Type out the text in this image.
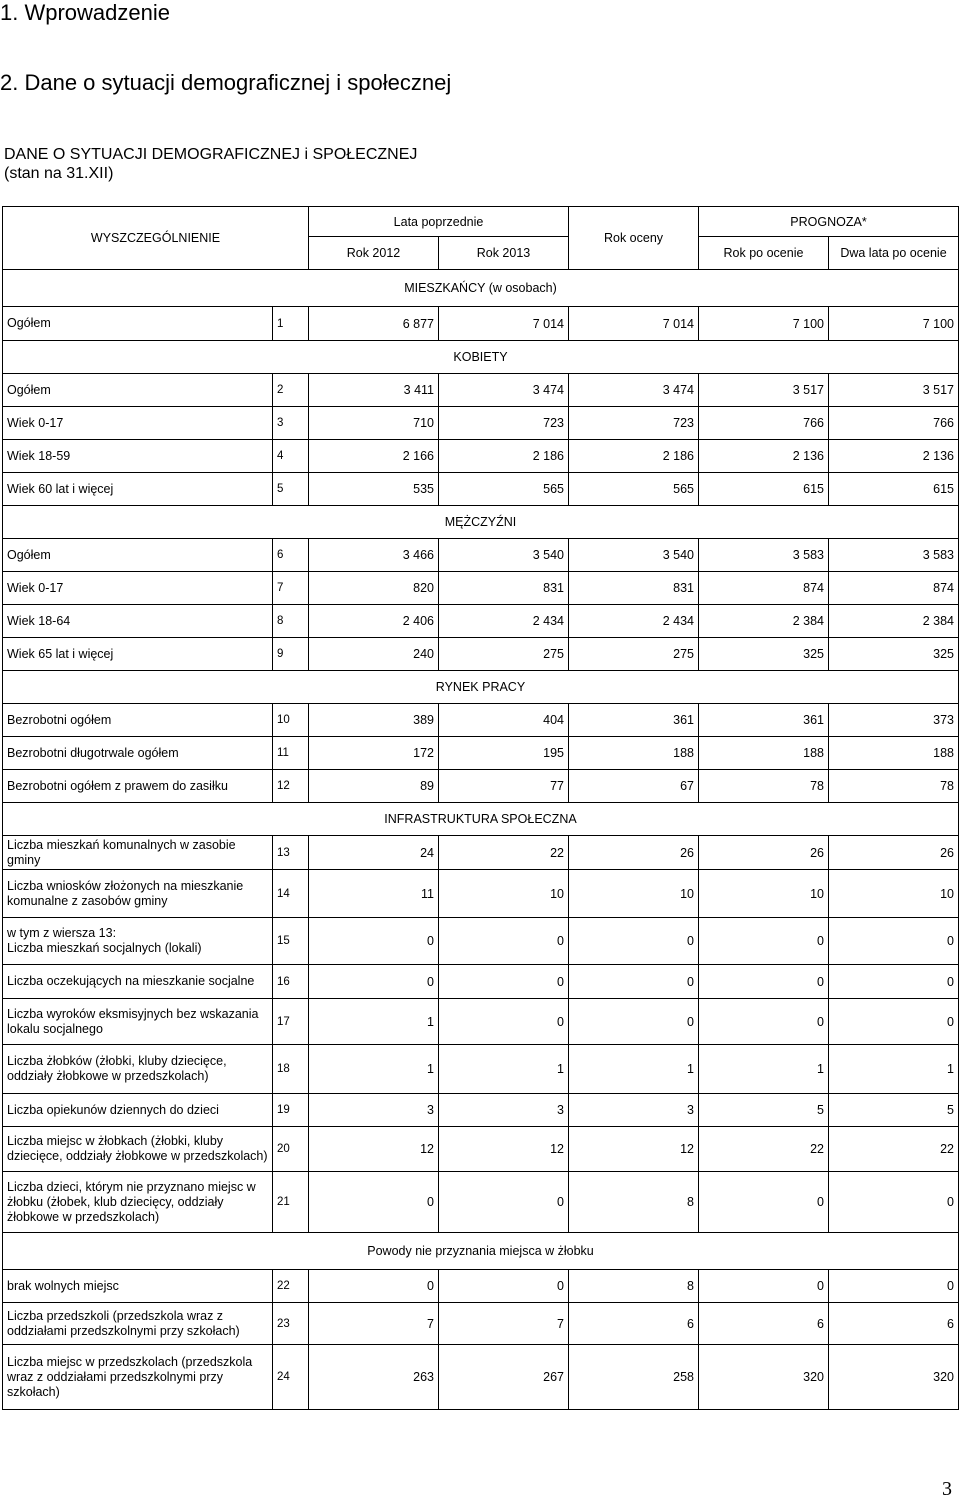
1. Wprowadzenie
2. Dane o sytuacji demograficznej i społecznej
DANE O SYTUACJI DEMOGRAFICZNEJ i SPOŁECZNEJ
(stan na 31.XII)
WYSZCZEGÓLNIENIE		Lata poprzednie		Rok oceny	PROGNOZA*	
		Rok 2012	Rok 2013		Rok po ocenie	Dwa lata po ocenie
MIESZKAŃCY (w osobach)						
Ogółem	1	6 877	7 014	7 014	7 100	7 100
KOBIETY						
Ogółem	2	3 411	3 474	3 474	3 517	3 517
Wiek 0-17	3	710	723	723	766	766
Wiek 18-59	4	2 166	2 186	2 186	2 136	2 136
Wiek 60 lat i więcej	5	535	565	565	615	615
MĘŻCZYŹNI						
Ogółem	6	3 466	3 540	3 540	3 583	3 583
Wiek 0-17	7	820	831	831	874	874
Wiek 18-64	8	2 406	2 434	2 434	2 384	2 384
Wiek 65 lat i więcej	9	240	275	275	325	325
RYNEK PRACY						
Bezrobotni ogółem	10	389	404	361	361	373
Bezrobotni długotrwale ogółem	11	172	195	188	188	188
Bezrobotni ogółem z prawem do zasiłku	12	89	77	67	78	78
INFRASTRUKTURA SPOŁECZNA						
Liczba mieszkań komunalnych w zasobie gminy	13	24	22	26	26	26
Liczba wniosków złożonych na mieszkanie komunalne z zasobów gminy	14	11	10	10	10	10
w tym z wiersza 13:
Liczba mieszkań socjalnych (lokali)	15	0	0	0	0	0
Liczba oczekujących na mieszkanie socjalne	16	0	0	0	0	0
Liczba wyroków eksmisyjnych bez wskazania lokalu socjalnego	17	1	0	0	0	0
Liczba żłobków (żłobki, kluby dziecięce, oddziały żłobkowe w przedszkolach)	18	1	1	1	1	1
Liczba opiekunów dziennych do dzieci	19	3	3	3	5	5
Liczba miejsc w żłobkach (żłobki, kluby dziecięce, oddziały żłobkowe w przedszkolach)	20	12	12	12	22	22
Liczba dzieci, którym nie przyznano miejsc w żłobku (żłobek, klub dziecięcy, oddziały żłobkowe w przedszkolach)	21	0	0	8	0	0
Powody nie przyznania miejsca w żłobku						
brak wolnych miejsc	22	0	0	8	0	0
Liczba przedszkoli (przedszkola wraz z oddziałami przedszkolnymi przy szkołach)	23	7	7	6	6	6
Liczba miejsc w przedszkolach (przedszkola wraz z oddziałami przedszkolnymi przy szkołach)	24	263	267	258	320	320
3
